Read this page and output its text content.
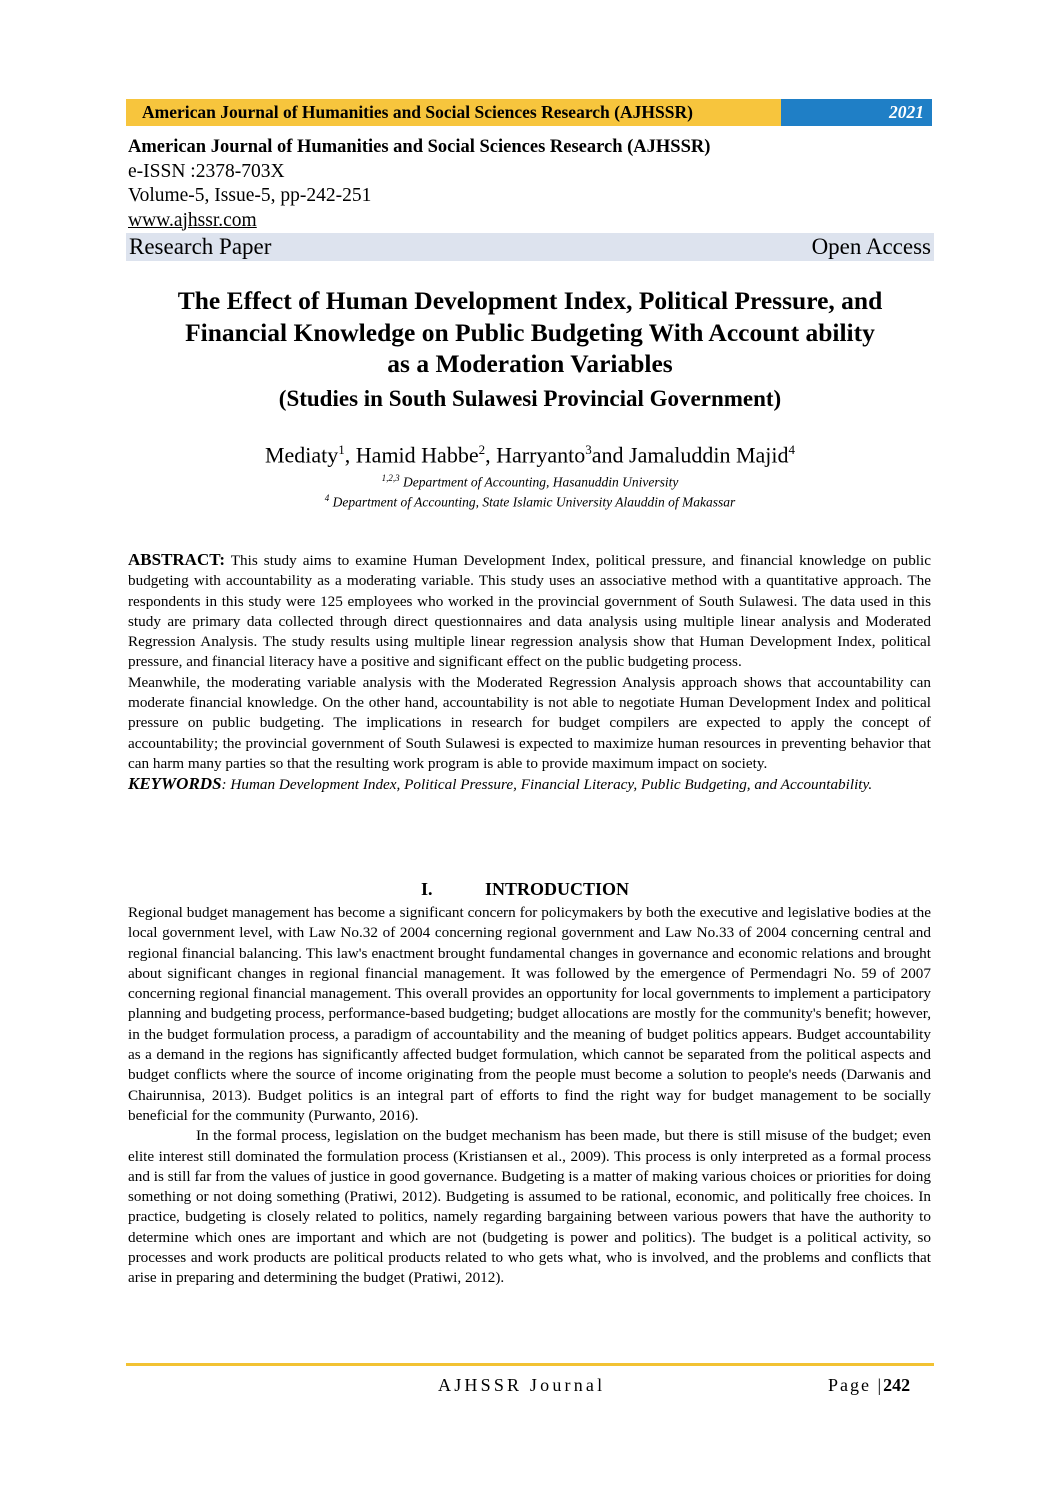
American Journal of Humanities and Social Sciences Research (AJHSSR)	2021
American Journal of Humanities and Social Sciences Research (AJHSSR)
e-ISSN :2378-703X
Volume-5, Issue-5, pp-242-251
www.ajhssr.com
Research Paper	Open Access
The Effect of Human Development Index, Political Pressure, and
Financial Knowledge on Public Budgeting With Account ability
as a Moderation Variables
(Studies in South Sulawesi Provincial Government)
Mediaty$^1$, Hamid Habbe$^2$, Harryanto$^3$and Jamaluddin Majid$^4$
$^{1,2,3}$ Department of Accounting, Hasanuddin University
$^4$ Department of Accounting, State Islamic University Alauddin of Makassar

ABSTRACT: This study aims to examine Human Development Index, political pressure, and financial knowledge on public budgeting with accountability as a moderating variable. This study uses an associative method with a quantitative approach. The respondents in this study were 125 employees who worked in the provincial government of South Sulawesi. The data used in this study are primary data collected through direct questionnaires and data analysis using multiple linear analysis and Moderated Regression Analysis. The study results using multiple linear regression analysis show that Human Development Index, political pressure, and financial literacy have a positive and significant effect on the public budgeting process.

Meanwhile, the moderating variable analysis with the Moderated Regression Analysis approach shows that accountability can moderate financial knowledge. On the other hand, accountability is not able to negotiate Human Development Index and political pressure on public budgeting. The implications in research for budget compilers are expected to apply the concept of accountability; the provincial government of South Sulawesi is expected to maximize human resources in preventing behavior that can harm many parties so that the resulting work program is able to provide maximum impact on society.

KEYWORDS: Human Development Index, Political Pressure, Financial Literacy, Public Budgeting, and Accountability.

I.	INTRODUCTION

Regional budget management has become a significant concern for policymakers by both the executive and legislative bodies at the local government level, with Law No.32 of 2004 concerning regional government and Law No.33 of 2004 concerning central and regional financial balancing. This law's enactment brought fundamental changes in governance and economic relations and brought about significant changes in regional financial management. It was followed by the emergence of Permendagri No. 59 of 2007 concerning regional financial management. This overall provides an opportunity for local governments to implement a participatory planning and budgeting process, performance-based budgeting; budget allocations are mostly for the community's benefit; however, in the budget formulation process, a paradigm of accountability and the meaning of budget politics appears. Budget accountability as a demand in the regions has significantly affected budget formulation, which cannot be separated from the political aspects and budget conflicts where the source of income originating from the people must become a solution to people's needs (Darwanis and Chairunnisa, 2013). Budget politics is an integral part of efforts to find the right way for budget management to be socially beneficial for the community (Purwanto, 2016).

In the formal process, legislation on the budget mechanism has been made, but there is still misuse of the budget; even elite interest still dominated the formulation process (Kristiansen et al., 2009). This process is only interpreted as a formal process and is still far from the values of justice in good governance. Budgeting is a matter of making various choices or priorities for doing something or not doing something (Pratiwi, 2012). Budgeting is assumed to be rational, economic, and politically free choices. In practice, budgeting is closely related to politics, namely regarding bargaining between various powers that have the authority to determine which ones are important and which are not (budgeting is power and politics). The budget is a political activity, so processes and work products are political products related to who gets what, who is involved, and the problems and conflicts that arise in preparing and determining the budget (Pratiwi, 2012).

AJHSSR Journal	Page |242
